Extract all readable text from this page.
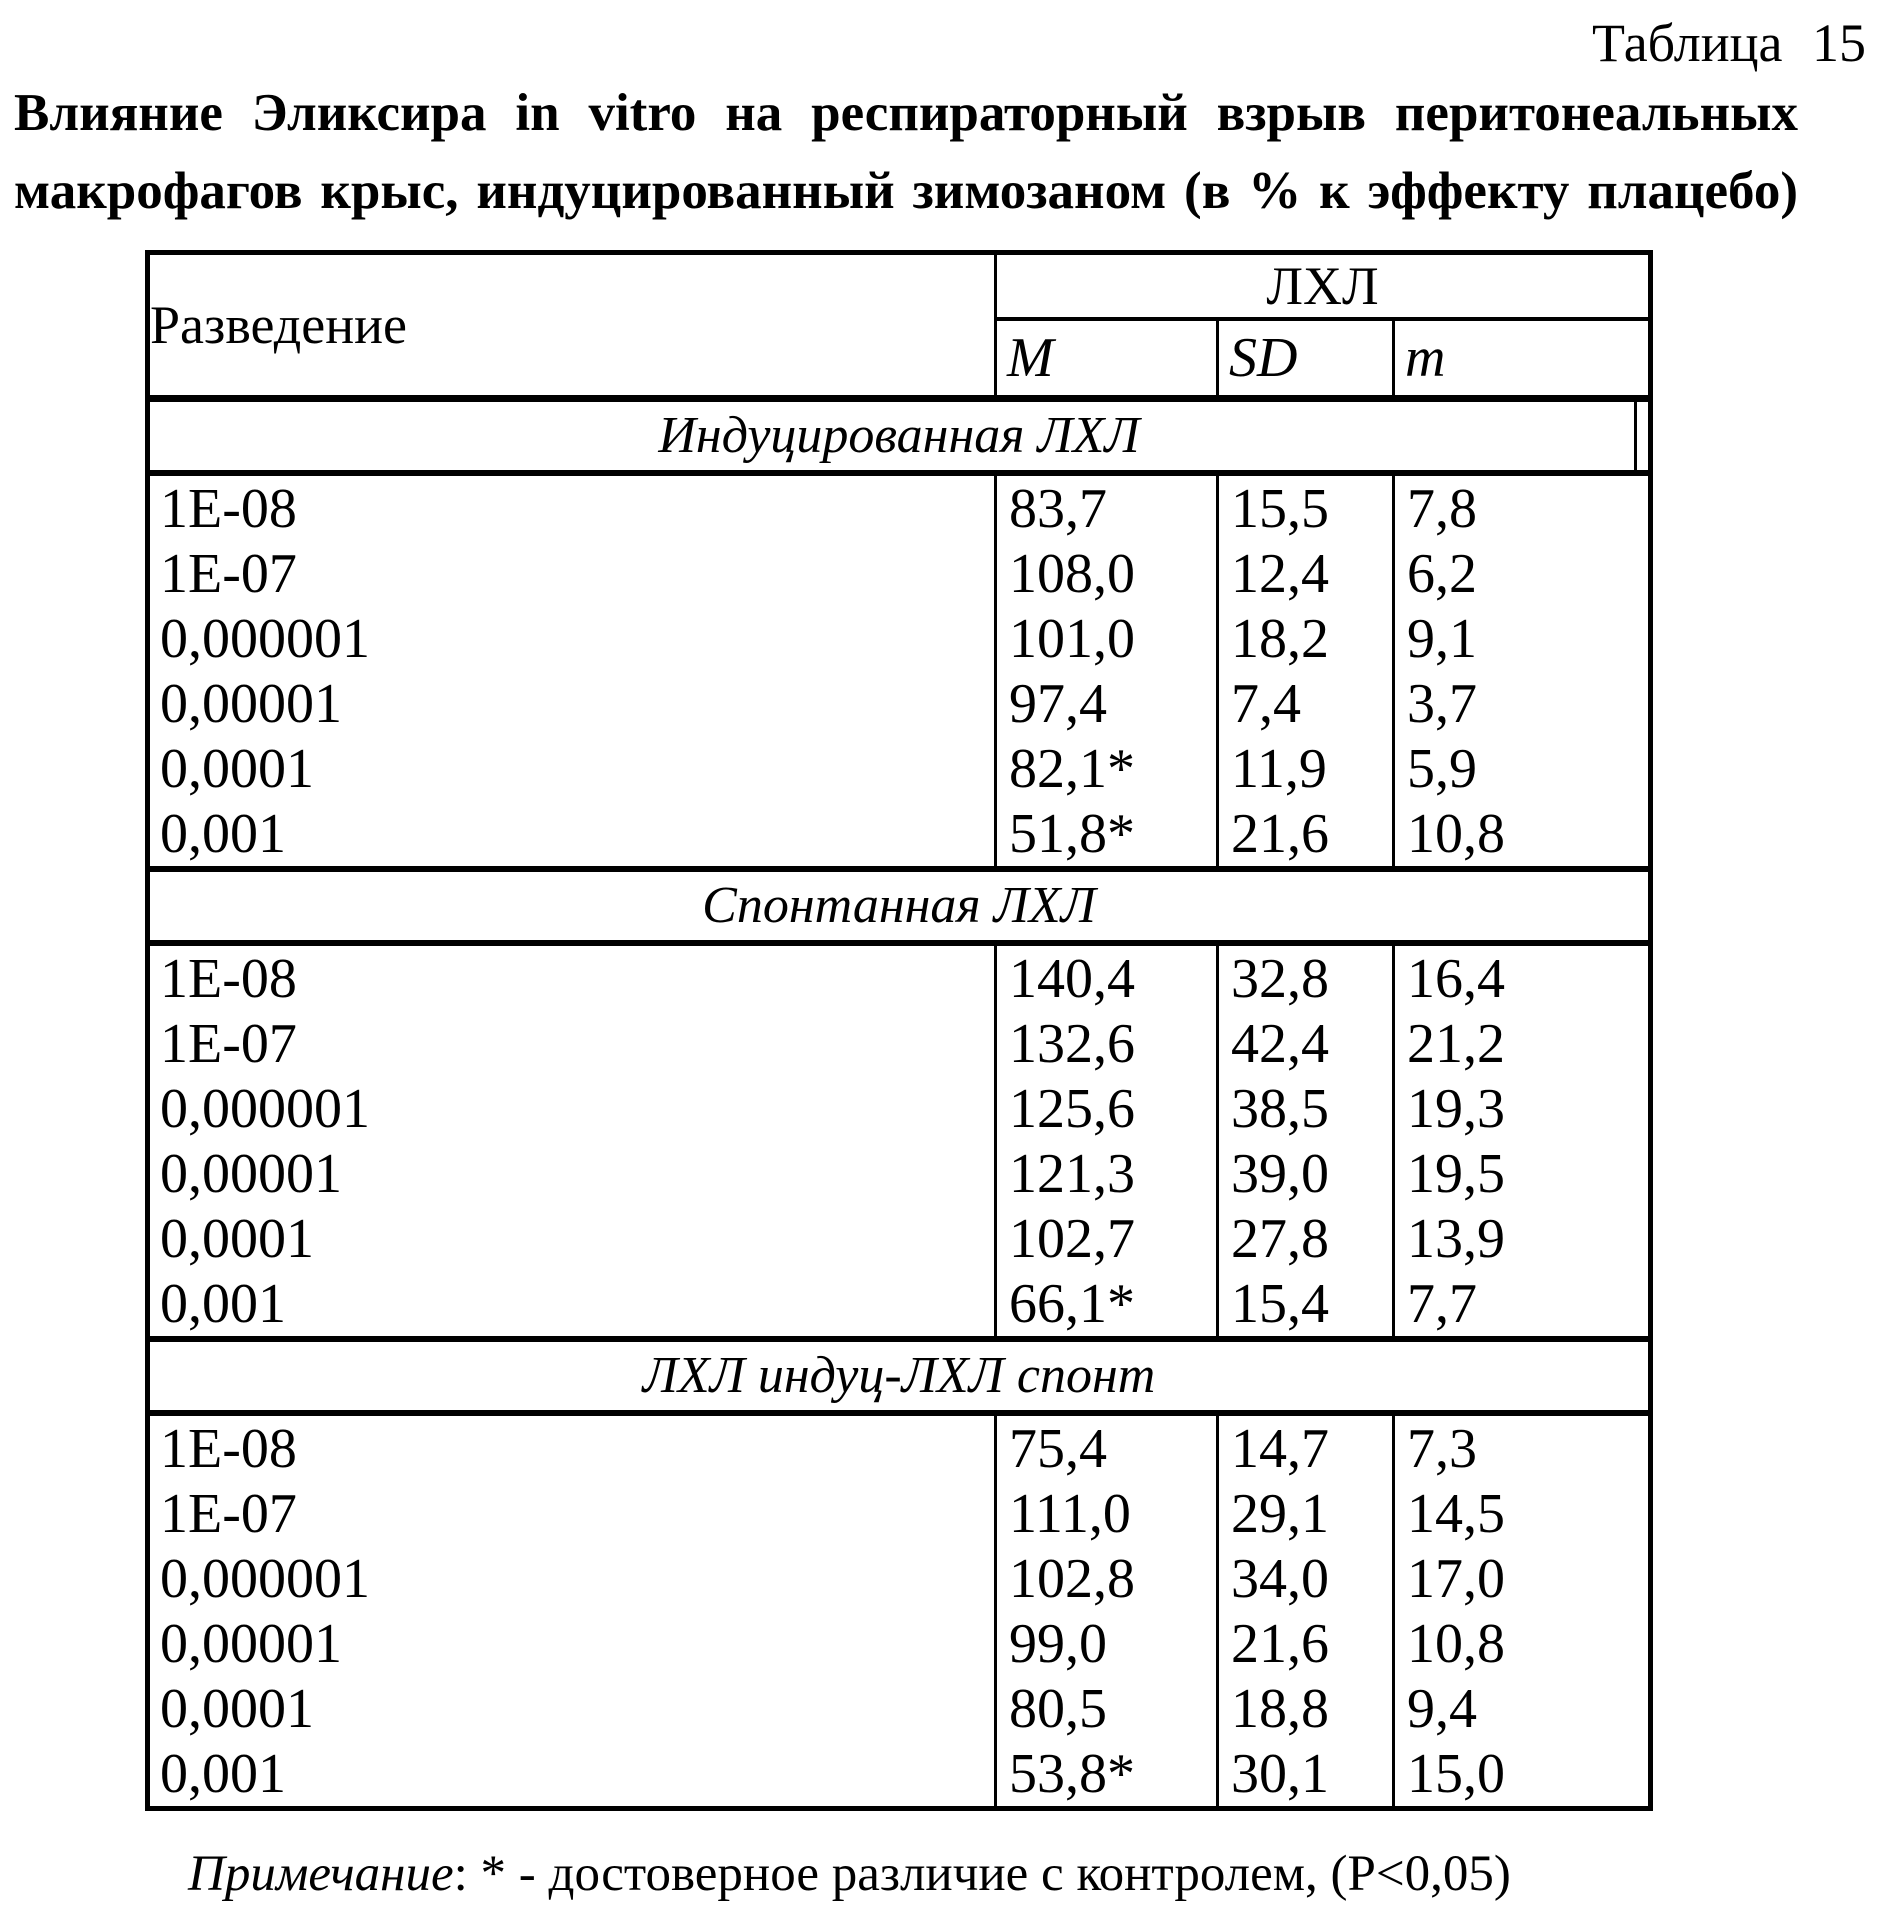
Таблица 15
Влияние Эликсира in vitro на респираторный взрыв перитонеальных
макрофагов крыс, индуцированный зимозаном (в % к эффекту плацебо)
Разведение	ЛХЛ		
	M	SD	m
Индуцированная ЛХЛ			
1Е-08	83,7	15,5	7,8
1Е-07	108,0	12,4	6,2
0,000001	101,0	18,2	9,1
0,00001	97,4	7,4	3,7
0,0001	82,1*	11,9	5,9
0,001	51,8*	21,6	10,8
Спонтанная ЛХЛ			
1Е-08	140,4	32,8	16,4
1Е-07	132,6	42,4	21,2
0,000001	125,6	38,5	19,3
0,00001	121,3	39,0	19,5
0,0001	102,7	27,8	13,9
0,001	66,1*	15,4	7,7
ЛХЛ индуц-ЛХЛ спонт			
1Е-08	75,4	14,7	7,3
1Е-07	111,0	29,1	14,5
0,000001	102,8	34,0	17,0
0,00001	99,0	21,6	10,8
0,0001	80,5	18,8	9,4
0,001	53,8*	30,1	15,0
Примечание: * - достоверное различие с контролем, (Р<0,05)
